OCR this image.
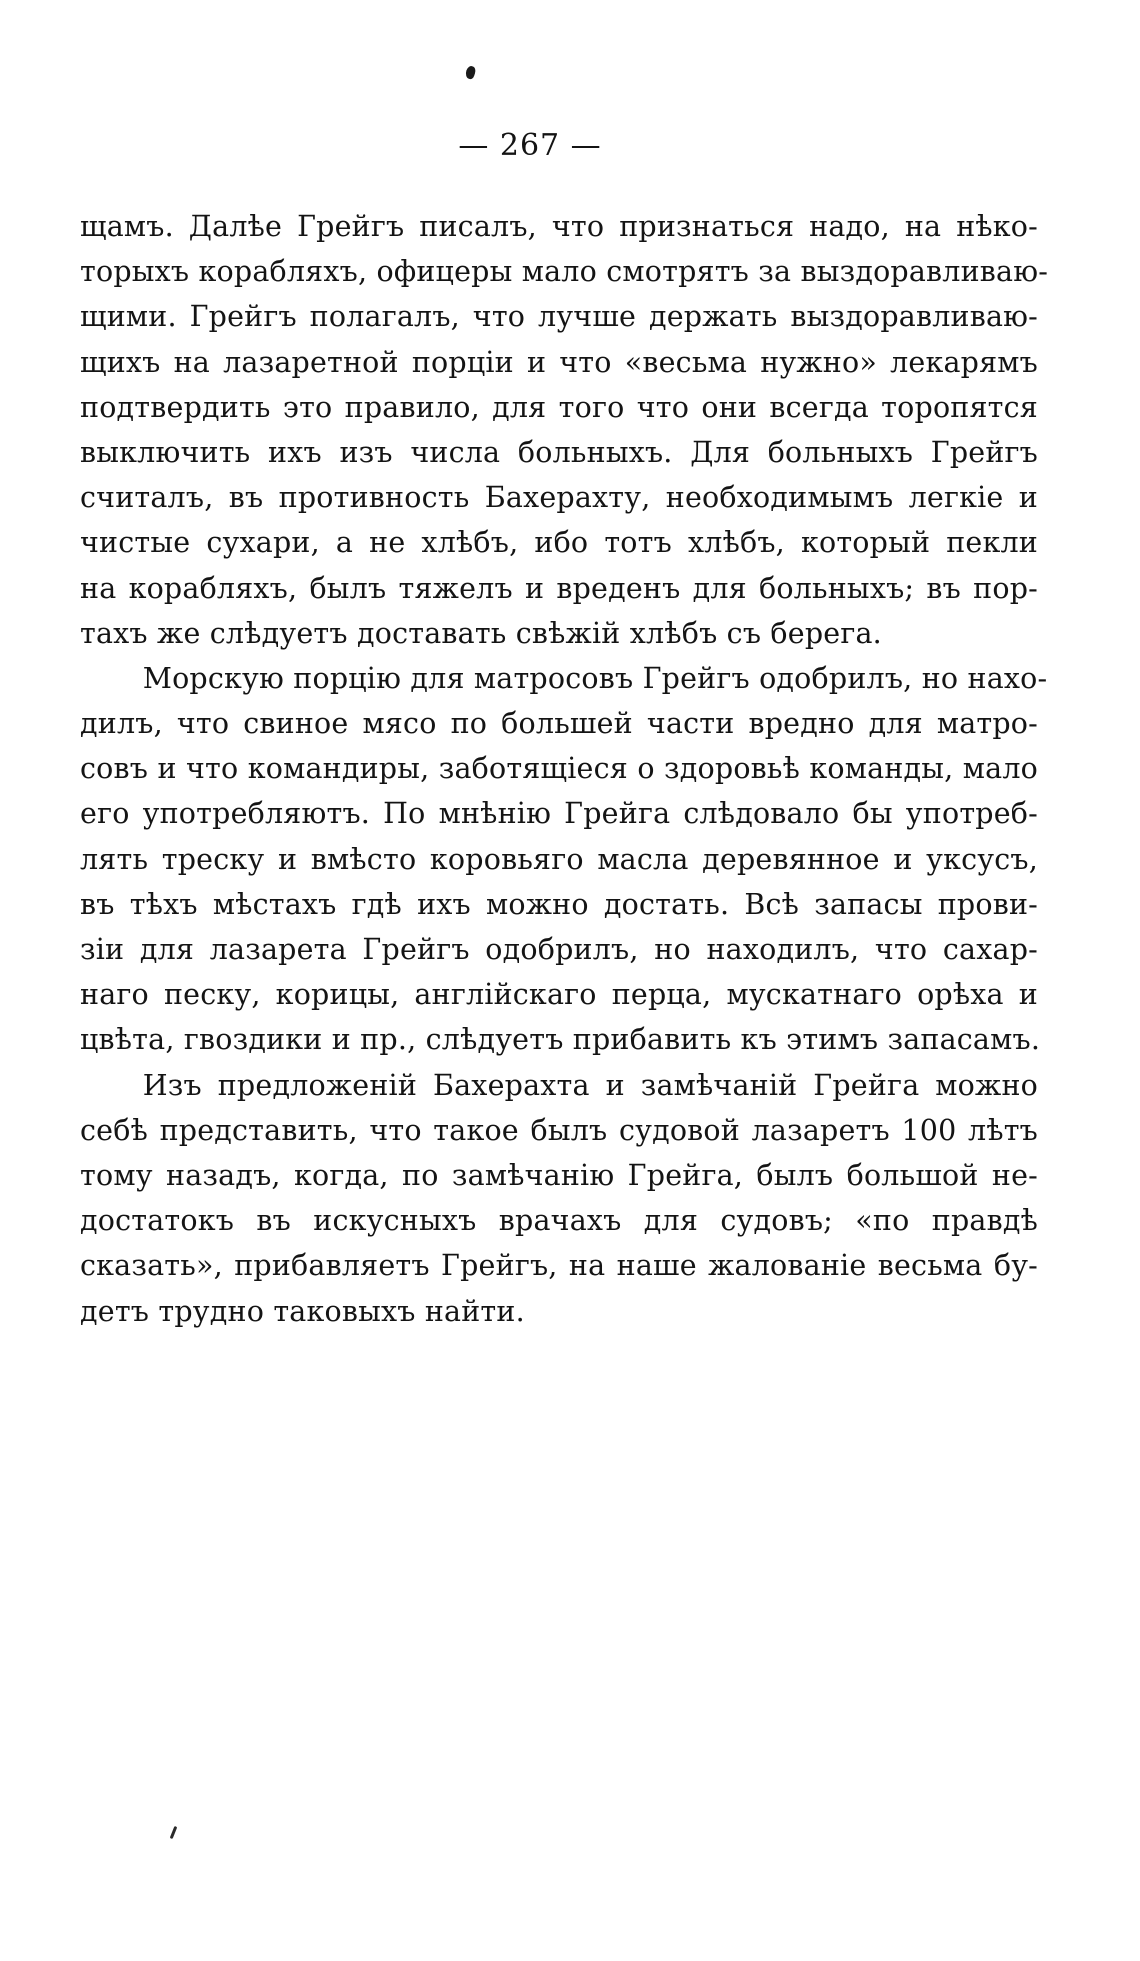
— 267 —
щамъ. Далѣе Грейгъ писалъ, что признаться надо, на нѣко-
торыхъ корабляхъ, офицеры мало смотрятъ за выздоравливаю-
щими. Грейгъ полагалъ, что лучше держать выздоравливаю-
щихъ на лазаретной порціи и что «весьма нужно» лекарямъ
подтвердить это правило, для того что они всегда торопятся
выключить ихъ изъ числа больныхъ. Для больныхъ Грейгъ
считалъ, въ противность Бахерахту, необходимымъ легкіе и
чистые сухари, а не хлѣбъ, ибо тотъ хлѣбъ, который пекли
на корабляхъ, былъ тяжелъ и вреденъ для больныхъ; въ пор-
тахъ же слѣдуетъ доставать свѣжій хлѣбъ съ берега.
Морскую порцію для матросовъ Грейгъ одобрилъ, но нахо-
дилъ, что свиное мясо по большей части вредно для матро-
совъ и что командиры, заботящіеся о здоровьѣ команды, мало
его употребляютъ. По мнѣнію Грейга слѣдовало бы употреб-
лять треску и вмѣсто коровьяго масла деревянное и уксусъ,
въ тѣхъ мѣстахъ гдѣ ихъ можно достать. Всѣ запасы прови-
зіи для лазарета Грейгъ одобрилъ, но находилъ, что сахар-
наго песку, корицы, англійскаго перца, мускатнаго орѣха и
цвѣта, гвоздики и пр., слѣдуетъ прибавить къ этимъ запасамъ.
Изъ предложеній Бахерахта и замѣчаній Грейга можно
себѣ представить, что такое былъ судовой лазаретъ 100 лѣтъ
тому назадъ, когда, по замѣчанію Грейга, былъ большой не-
достатокъ въ искусныхъ врачахъ для судовъ; «по правдѣ
сказать», прибавляетъ Грейгъ, на наше жалованіе весьма бу-
детъ трудно таковыхъ найти.
